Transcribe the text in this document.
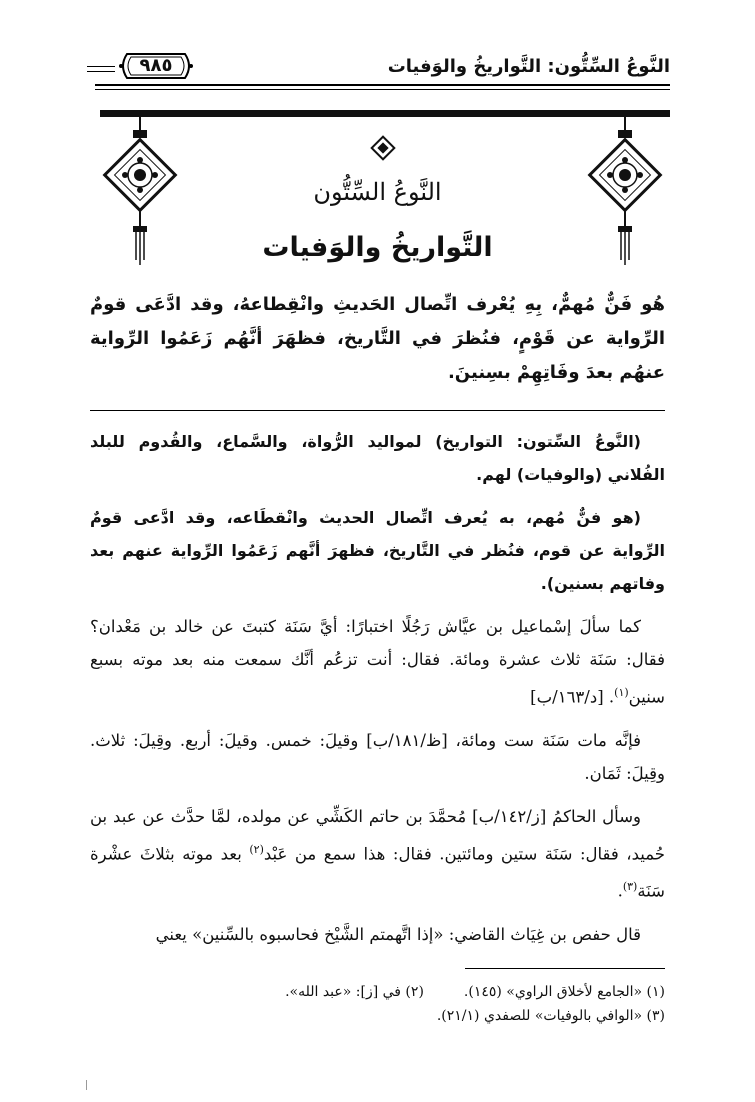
النَّوعُ السِّتُّون: التَّواريخُ والوَفيات
٩٨٥
النَّوعُ السِّتُّون
التَّواريخُ والوَفيات
هُو فَنٌّ مُهمٌّ، بِهِ يُعْرف اتِّصال الحَديثِ وانْقِطاعهُ، وقد ادَّعَى قومٌ الرِّواية عن قَوْمٍ، فنُظرَ في التَّاريخ، فظهَرَ أنَّهُم زَعَمُوا الرِّواية عنهُم بعدَ وفَاتِهِمْ بسِنينَ.

(النَّوعُ السِّتون: التواريخ) لمواليد الرُّواة، والسَّماع، والقُدوم للبلد الفُلاني (والوفيات) لهم.

(هو فنٌّ مُهم، به يُعرف اتِّصال الحديث وانْقطَاعه، وقد ادَّعى قومٌ الرِّواية عن قوم، فنُظر في التَّاريخ، فظهرَ أنَّهم زَعَمُوا الرِّواية عنهم بعد وفاتهم بسنين).

كما سألَ إسْماعيل بن عيَّاش رَجُلًا اختبارًا: أيَّ سَنَة كتبتَ عن خالد بن مَعْدان؟ فقال: سَنَة ثلاث عشرة ومائة. فقال: أنت تزعُم أنَّك سمعت منه بعد موته بسبع سنين$^{(١)}$. [د/١٦٣/ب]

فإنَّه مات سَنَة ست ومائة، [ظ/١٨١/ب] وقيلَ: خمس. وقيلَ: أربع. وقِيلَ: ثلاث. وقِيلَ: ثَمَان.

وسأل الحاكمُ [ز/١٤٢/ب] مُحمَّدَ بن حاتم الكَشِّي عن مولده، لمَّا حدَّث عن عبد بن حُميد، فقال: سَنَة ستين ومائتين. فقال: هذا سمع من عَبْد$^{(٢)}$ بعد موته بثلاثَ عشْرة سَنَة$^{(٣)}$.

قال حفص بن غِيَاث القاضي: «إذا اتَّهمتم الشَّيْخ فحاسبوه بالسِّنين» يعني

(١) «الجامع لأخلاق الراوي» (١٤٥).
(٢) في [ز]: «عبد الله».
(٣) «الوافي بالوفيات» للصفدي (٢١/١).
